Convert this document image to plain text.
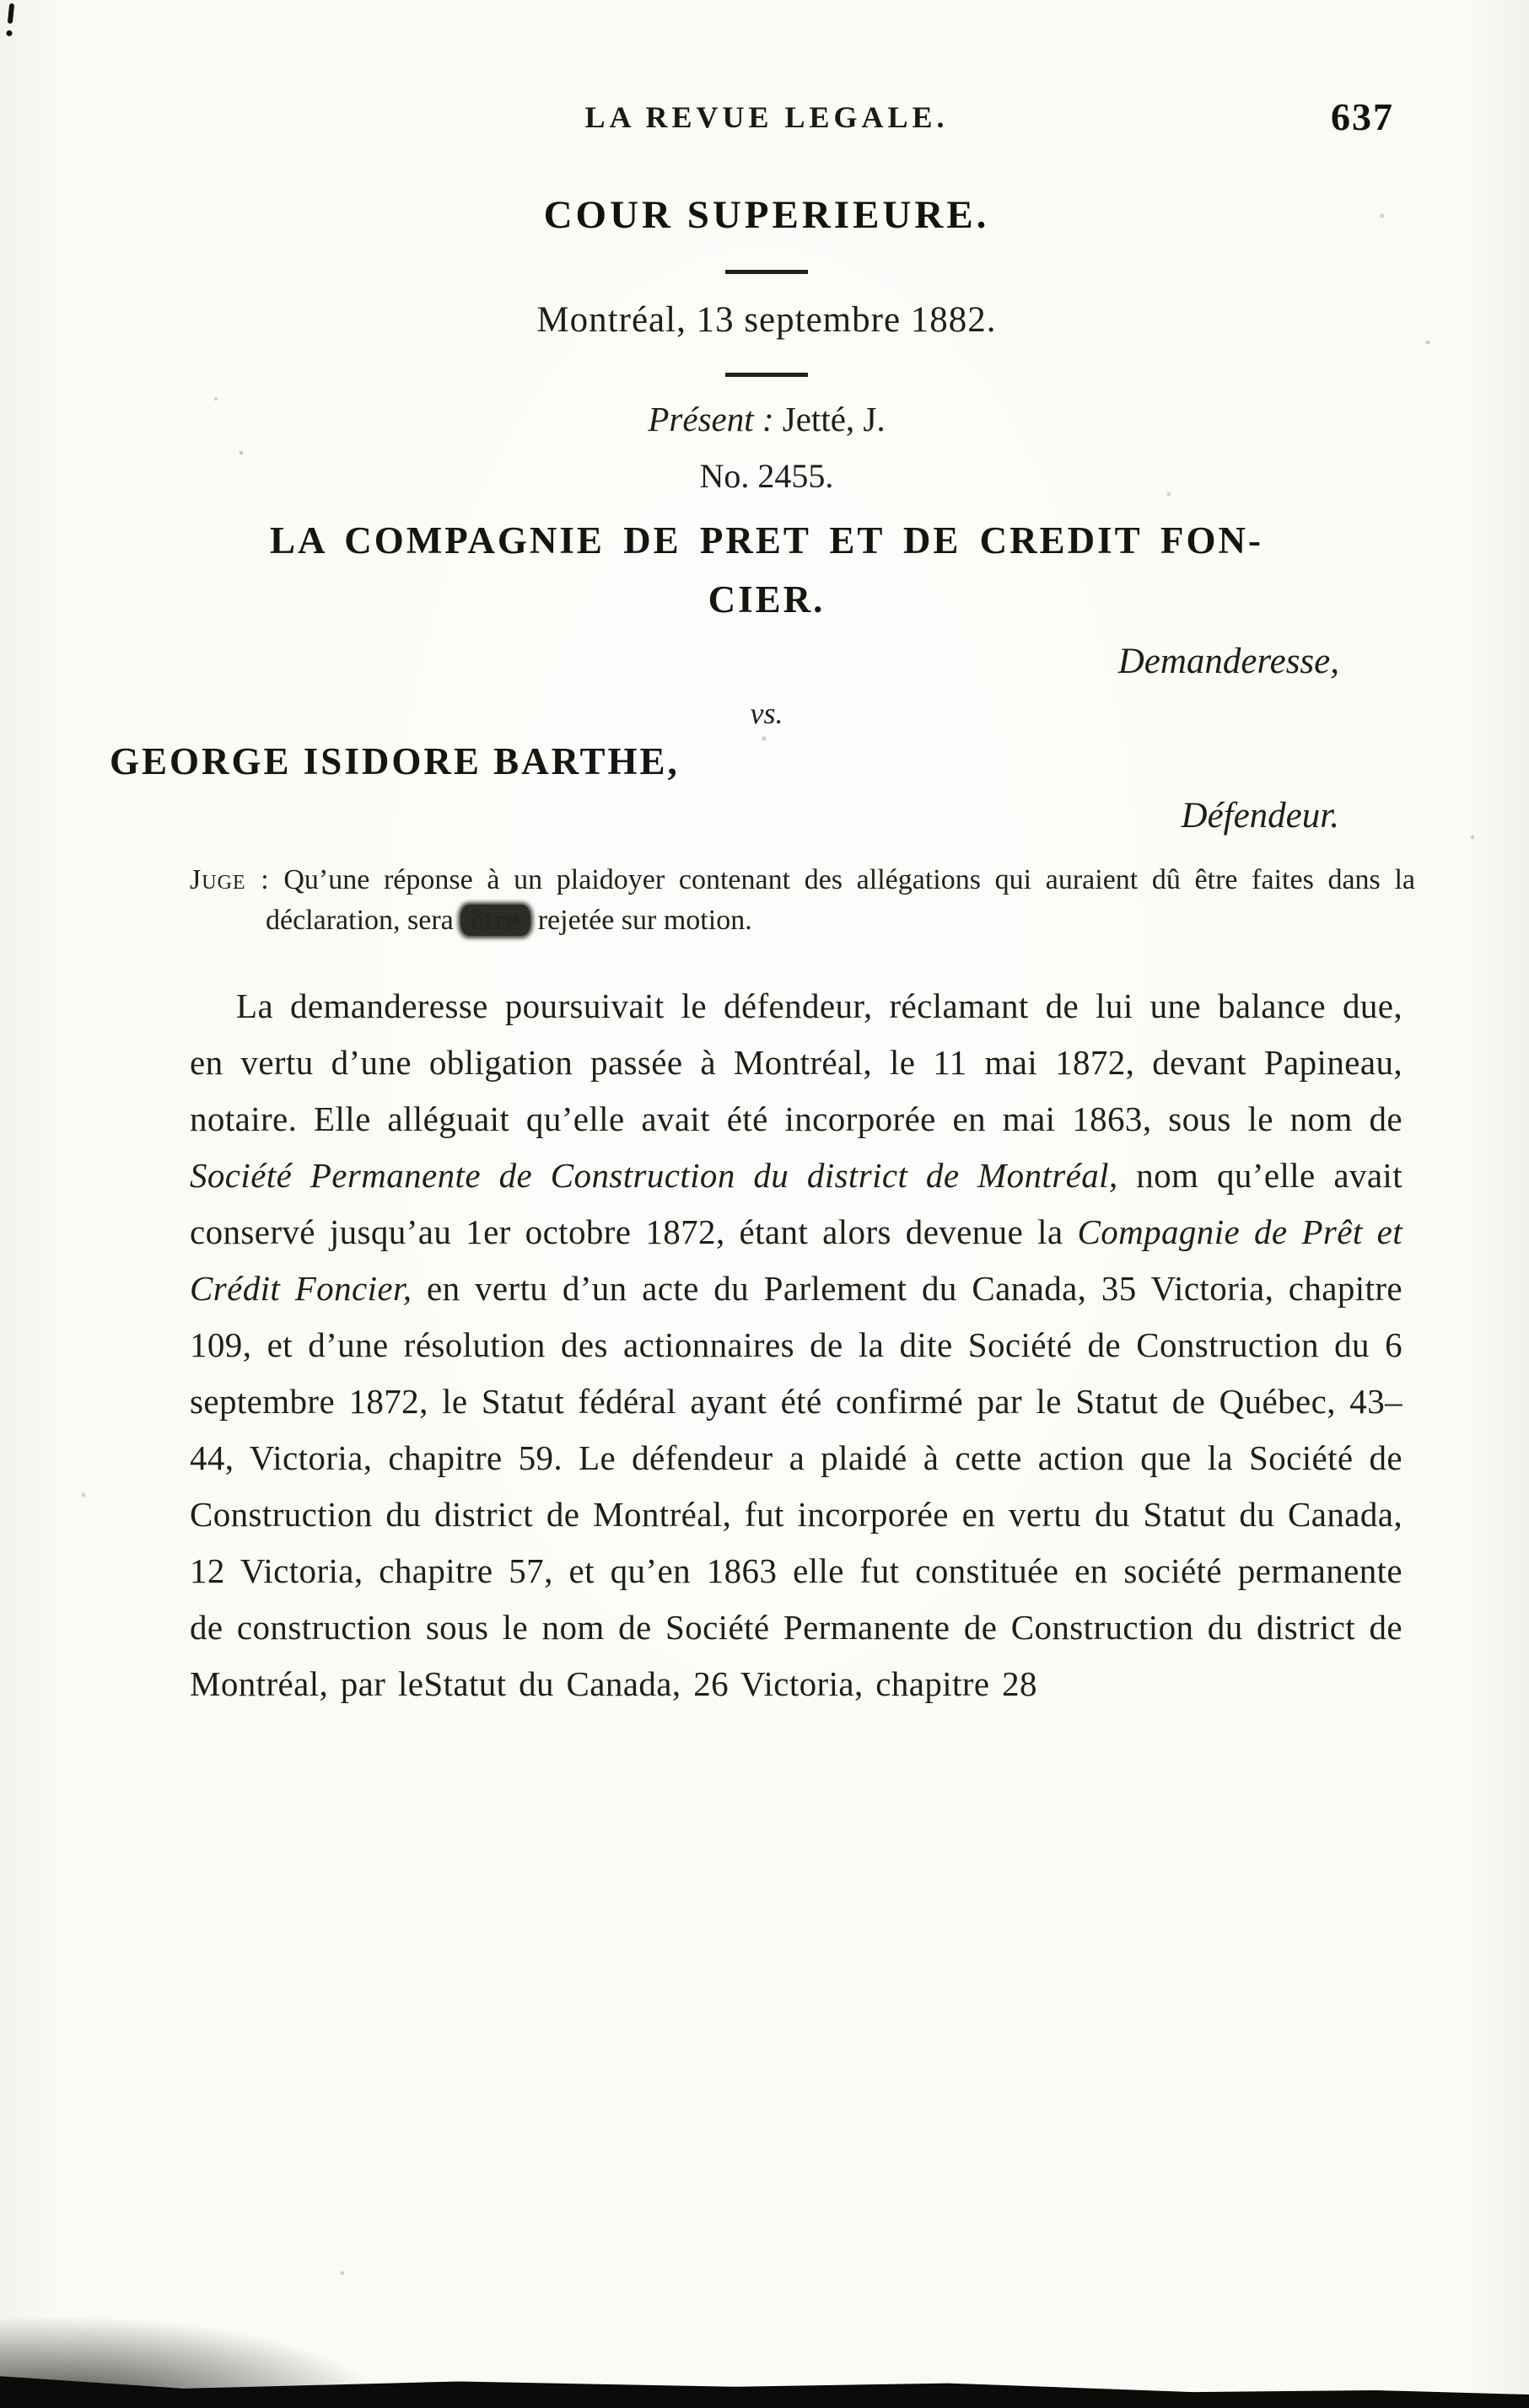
LA REVUE LEGALE.	637
COUR SUPERIEURE.
Montréal, 13 septembre 1882.
Présent : Jetté, J.
No. 2455.
LA COMPAGNIE DE PRET ET DE CREDIT FON-
CIER.
Demanderesse,
vs.
GEORGE ISIDORE BARTHE,
Défendeur.

Juge : Qu’une réponse à un plaidoyer contenant des allégations qui auraient dû être faites dans la déclaration, sera être rejetée sur motion.

La demanderesse poursuivait le défendeur, réclamant de lui une balance due, en vertu d’une obligation passée à Montréal, le 11 mai 1872, devant Papineau, notaire. Elle alléguait qu’elle avait été incorporée en mai 1863, sous le nom de Société Permanente de Construction du district de Montréal, nom qu’elle avait conservé jusqu’au 1er octobre 1872, étant alors devenue la Compagnie de Prêt et Crédit Foncier, en vertu d’un acte du Parlement du Canada, 35 Victoria, chapitre 109, et d’une résolution des actionnaires de la dite Société de Construction du 6 septembre 1872, le Statut fédéral ayant été confirmé par le Statut de Québec, 43–44, Victoria, chapitre 59. Le défendeur a plaidé à cette action que la Société de Construction du district de Montréal, fut incorporée en vertu du Statut du Canada, 12 Victoria, chapitre 57, et qu’en 1863 elle fut constituée en société permanente de construction sous le nom de Société Permanente de Construction du district de Montréal, par leStatut du Canada, 26 Victoria, chapitre 28
